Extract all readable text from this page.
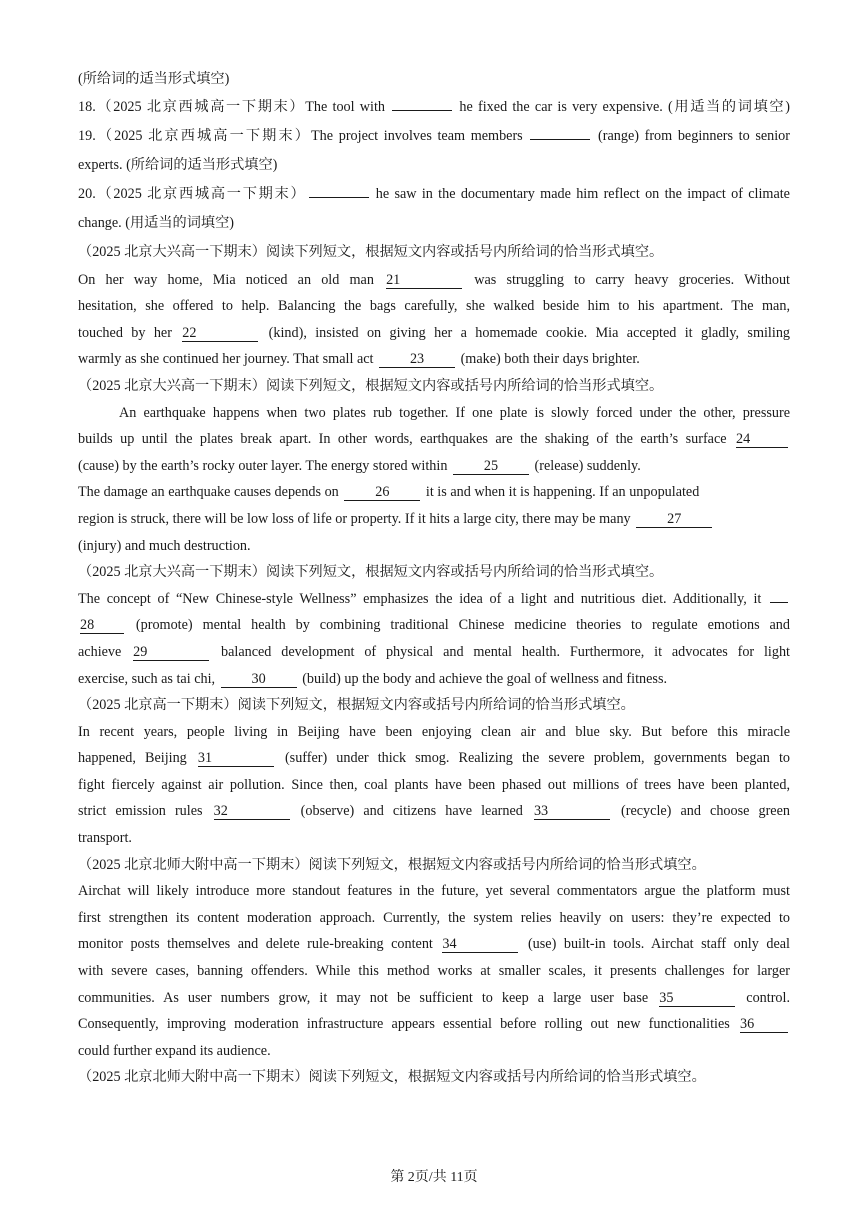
(所给词的适当形式填空)
18.（2025 北京西城高一下期末）The tool with	he fixed the car is very expensive. (用适当的词填空)
19.（2025 北京西城高一下期末）The project involves team members	(range) from beginners to senior
experts. (所给词的适当形式填空)
20.（2025 北京西城高一下期末）	he saw in the documentary made him reflect on the impact of climate
change. (用适当的词填空)
（2025 北京大兴高一下期末）阅读下列短文，根据短文内容或括号内所给词的恰当形式填空。
On her way home, Mia noticed an old man 21	was struggling to carry heavy groceries. Without
hesitation, she offered to help. Balancing the bags carefully, she walked beside him to his apartment. The man,
touched by her 22	(kind), insisted on giving her a homemade cookie. Mia accepted it gladly, smiling
warmly as she continued her journey. That small act 23 (make) both their days brighter.
（2025 北京大兴高一下期末）阅读下列短文，根据短文内容或括号内所给词的恰当形式填空。
An earthquake happens when two plates rub together. If one plate is slowly forced under the other, pressure
builds up until the plates break apart. In other words, earthquakes are the shaking of the earth’s surface 24
(cause) by the earth’s rocky outer layer. The energy stored within 25 (release) suddenly.
The damage an earthquake causes depends on 26 it is and when it is happening. If an unpopulated
region is struck, there will be low loss of life or property. If it hits a large city, there may be many 27
(injury) and much destruction.
（2025 北京大兴高一下期末）阅读下列短文，根据短文内容或括号内所给词的恰当形式填空。
The concept of “New Chinese-style Wellness” emphasizes the idea of a light and nutritious diet. Additionally, it
28 (promote) mental health by combining traditional Chinese medicine theories to regulate emotions and
achieve 29	balanced development of physical and mental health. Furthermore, it advocates for light
exercise, such as tai chi, 30 (build) up the body and achieve the goal of wellness and fitness.
（2025 北京高一下期末）阅读下列短文，根据短文内容或括号内所给词的恰当形式填空。
In recent years, people living in Beijing have been enjoying clean air and blue sky. But before this miracle
happened, Beijing 31	(suffer) under thick smog. Realizing the severe problem, governments began to
fight fiercely against air pollution. Since then, coal plants have been phased out millions of trees have been planted,
strict emission rules 32	(observe) and citizens have learned 33	(recycle) and choose green
transport.
（2025 北京北师大附中高一下期末）阅读下列短文，根据短文内容或括号内所给词的恰当形式填空。
Airchat will likely introduce more standout features in the future, yet several commentators argue the platform must
first strengthen its content moderation approach. Currently, the system relies heavily on users: they’re expected to
monitor posts themselves and delete rule-breaking content 34	(use) built-in tools. Airchat staff only deal
with severe cases, banning offenders. While this method works at smaller scales, it presents challenges for larger
communities. As user numbers grow, it may not be sufficient to keep a large user base 35	control.
Consequently, improving moderation infrastructure appears essential before rolling out new functionalities 36
could further expand its audience.
（2025 北京北师大附中高一下期末）阅读下列短文，根据短文内容或括号内所给词的恰当形式填空。
第 2页/共 11页
